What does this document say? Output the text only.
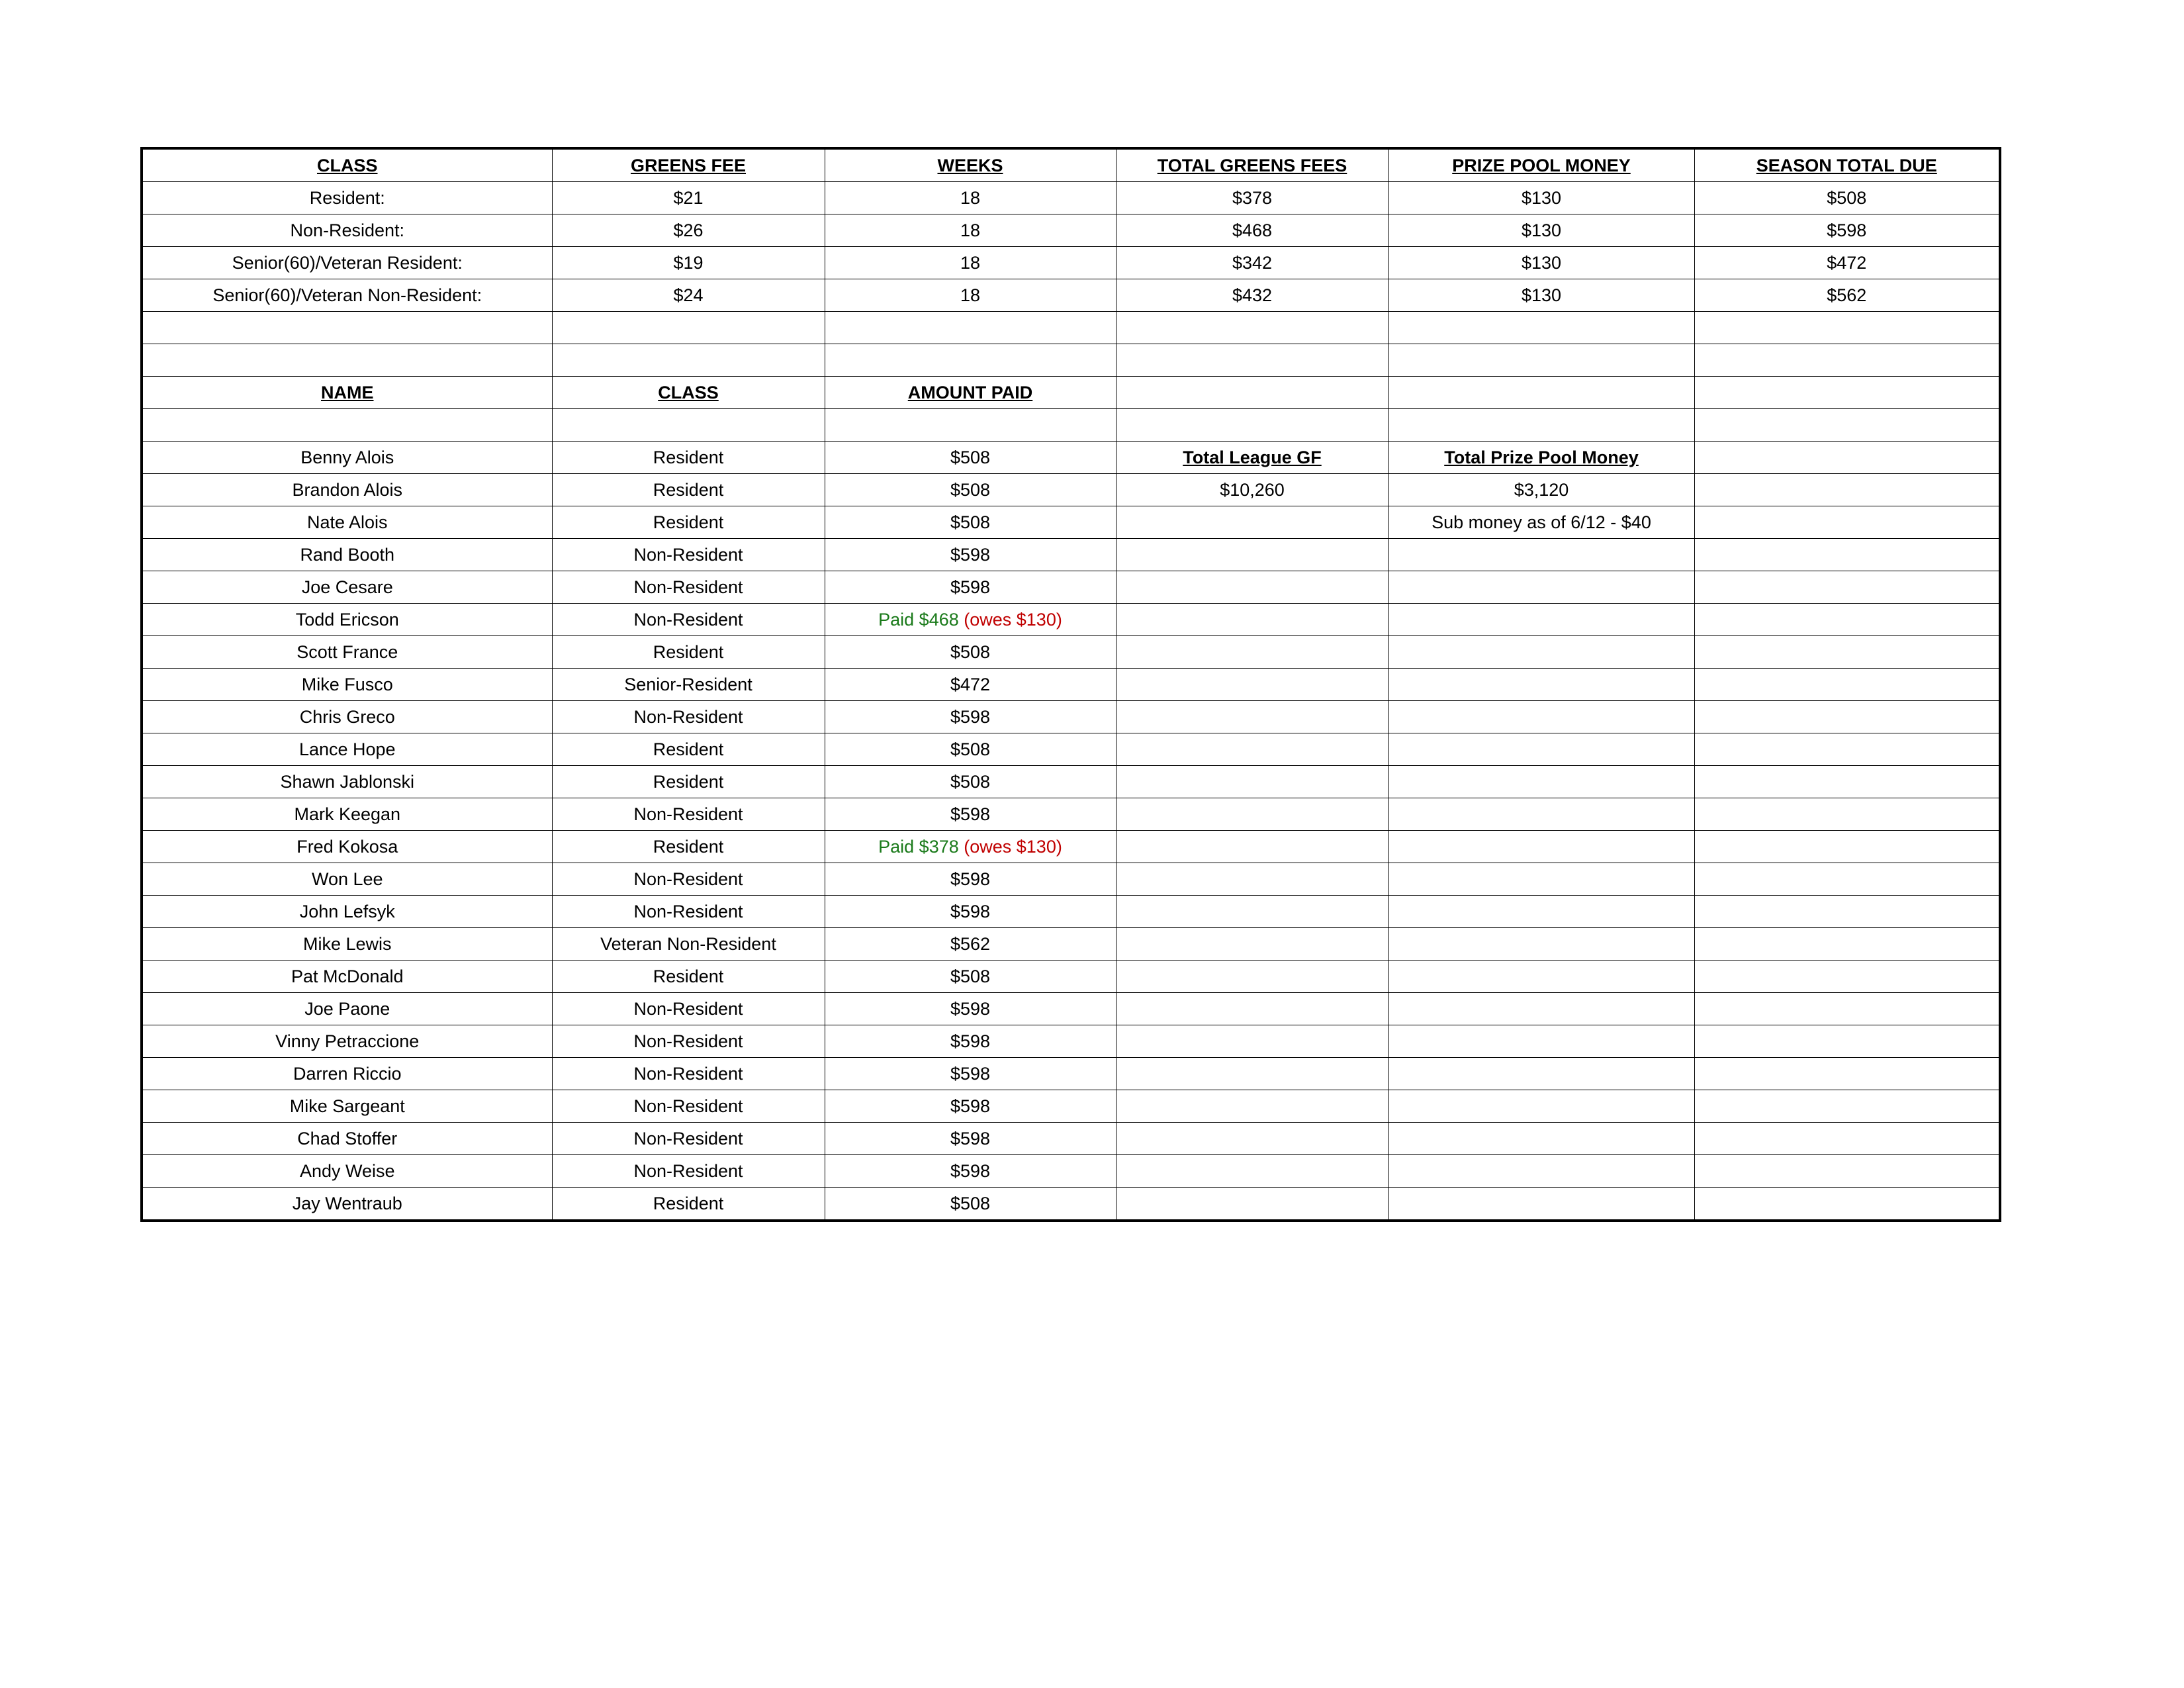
CLASS	GREENS FEE	WEEKS	TOTAL GREENS FEES	PRIZE POOL MONEY	SEASON TOTAL DUE
Resident:	$21	18	$378	$130	$508
Non-Resident:	$26	18	$468	$130	$598
Senior(60)/Veteran Resident:	$19	18	$342	$130	$472
Senior(60)/Veteran Non-Resident:	$24	18	$432	$130	$562

NAME	CLASS	AMOUNT PAID			

Benny Alois	Resident	$508	Total League GF	Total Prize Pool Money	
Brandon Alois	Resident	$508	$10,260	$3,120	
Nate Alois	Resident	$508		Sub money as of 6/12 - $40	
Rand Booth	Non-Resident	$598			
Joe Cesare	Non-Resident	$598			
Todd Ericson	Non-Resident	Paid $468 (owes $130)			
Scott France	Resident	$508			
Mike Fusco	Senior-Resident	$472			
Chris Greco	Non-Resident	$598			
Lance Hope	Resident	$508			
Shawn Jablonski	Resident	$508			
Mark Keegan	Non-Resident	$598			
Fred Kokosa	Resident	Paid $378 (owes $130)			
Won Lee	Non-Resident	$598			
John Lefsyk	Non-Resident	$598			
Mike Lewis	Veteran Non-Resident	$562			
Pat McDonald	Resident	$508			
Joe Paone	Non-Resident	$598			
Vinny Petraccione	Non-Resident	$598			
Darren Riccio	Non-Resident	$598			
Mike Sargeant	Non-Resident	$598			
Chad Stoffer	Non-Resident	$598			
Andy Weise	Non-Resident	$598			
Jay Wentraub	Resident	$508			
